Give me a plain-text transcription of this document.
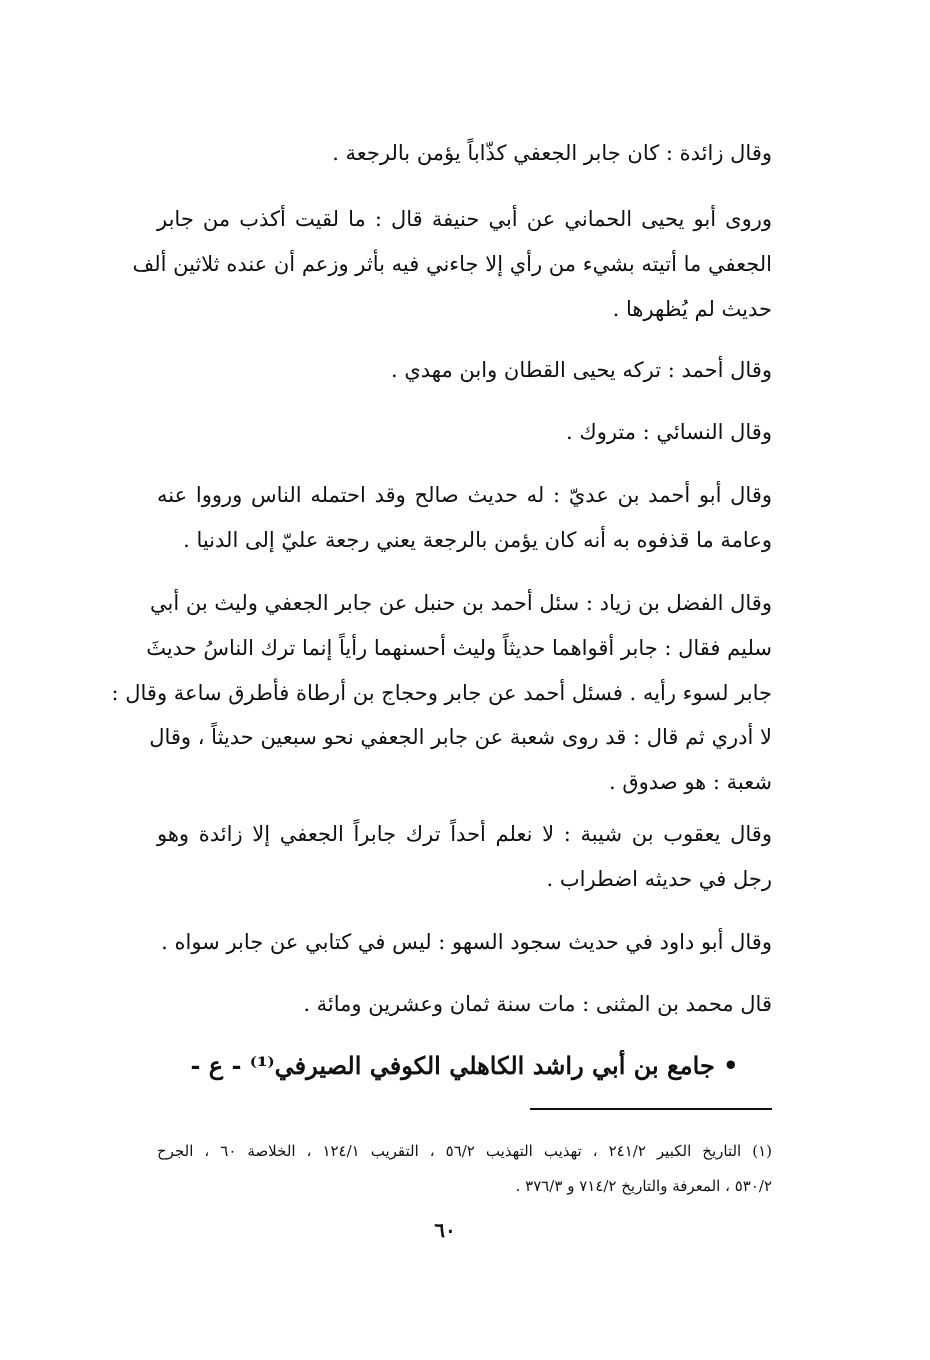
وقال زائدة : كان جابر الجعفي كذّاباً يؤمن بالرجعة .
وروى أبو يحيى الحماني عن أبي حنيفة قال : ما لقيت أكذب من جابر
الجعفي ما أتيته بشيء من رأي إلا جاءني فيه بأثر وزعم أن عنده ثلاثين ألف
حديث لم يُظهرها .
وقال أحمد : تركه يحيى القطان وابن مهدي .
وقال النسائي : متروك .
وقال أبو أحمد بن عديّ : له حديث صالح وقد احتمله الناس ورووا عنه
وعامة ما قذفوه به أنه كان يؤمن بالرجعة يعني رجعة عليّ إلى الدنيا .
وقال الفضل بن زياد : سئل أحمد بن حنبل عن جابر الجعفي وليث بن أبي
سليم فقال : جابر أقواهما حديثاً وليث أحسنهما رأياً إنما ترك الناسُ حديثَ
جابر لسوء رأيه . فسئل أحمد عن جابر وحجاج بن أرطاة فأطرق ساعة وقال :
لا أدري ثم قال : قد روى شعبة عن جابر الجعفي نحو سبعين حديثاً ، وقال
شعبة : هو صدوق .
وقال يعقوب بن شيبة : لا نعلم أحداً ترك جابراً الجعفي إلا زائدة وهو
رجل في حديثه اضطراب .
وقال أبو داود في حديث سجود السهو : ليس في كتابي عن جابر سواه .
قال محمد بن المثنى : مات سنة ثمان وعشرين ومائة .
• جامع بن أبي راشد الكاهلي الكوفي الصيرفي⁽¹⁾ - ع -
(١) التاريخ الكبير ٢٤١/٢ ، تهذيب التهذيب ٥٦/٢ ، التقريب ١٢٤/١ ، الخلاصة ٦٠ ، الجرح
٥٣٠/٢ ، المعرفة والتاريخ ٧١٤/٢ و ٣٧٦/٣ .
٦٠
